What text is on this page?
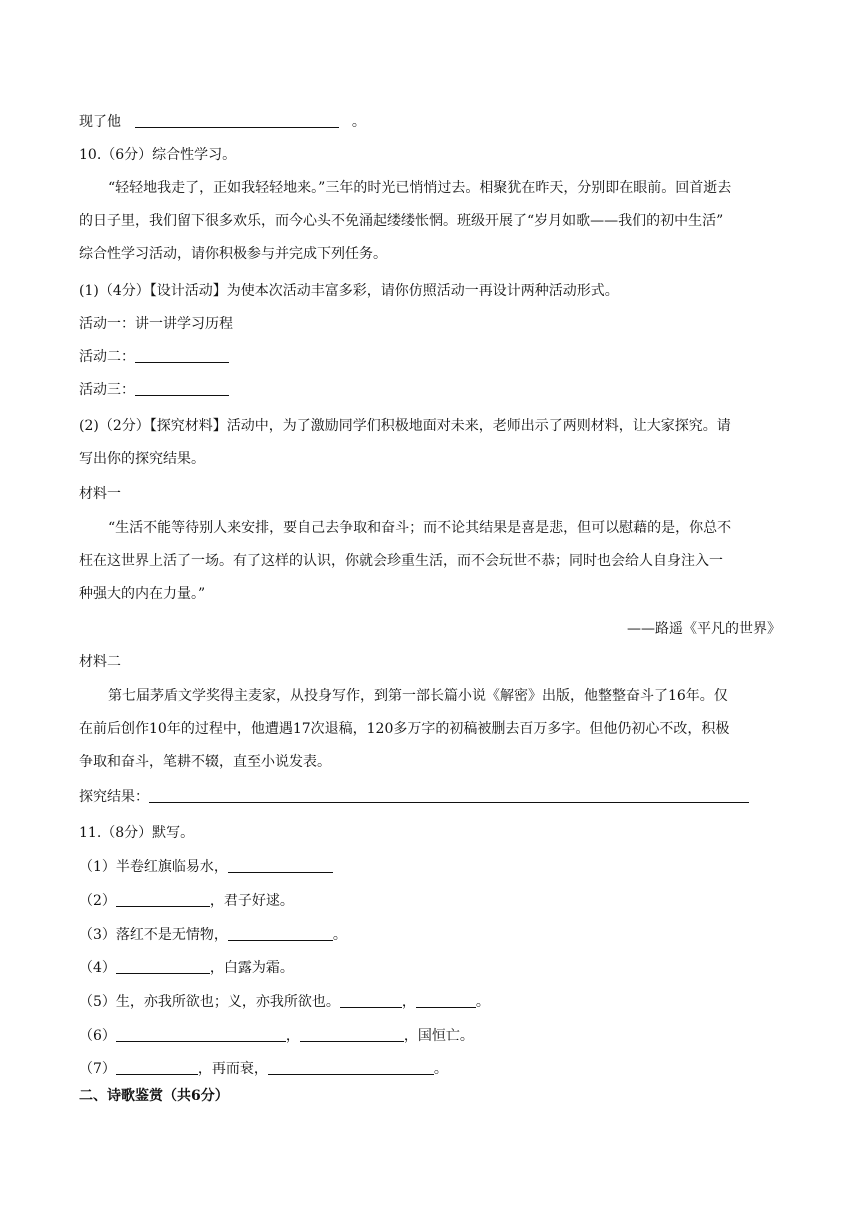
现了他	。
10.（6分）综合性学习。
“轻轻地我走了，正如我轻轻地来。”三年的时光已悄悄过去。相聚犹在昨天，分别即在眼前。回首逝去
的日子里，我们留下很多欢乐，而今心头不免涌起缕缕怅惘。班级开展了“岁月如歌——我们的初中生活”
综合性学习活动，请你积极参与并完成下列任务。
(1)（4分）【设计活动】为使本次活动丰富多彩，请你仿照活动一再设计两种活动形式。
活动一：讲一讲学习历程
活动二：
活动三：
(2)（2分）【探究材料】活动中，为了激励同学们积极地面对未来，老师出示了两则材料，让大家探究。请
写出你的探究结果。
材料一
“生活不能等待别人来安排，要自己去争取和奋斗；而不论其结果是喜是悲，但可以慰藉的是，你总不
枉在这世界上活了一场。有了这样的认识，你就会珍重生活，而不会玩世不恭；同时也会给人自身注入一
种强大的内在力量。”
——路遥《平凡的世界》
材料二
第七届茅盾文学奖得主麦家，从投身写作，到第一部长篇小说《解密》出版，他整整奋斗了16年。仅
在前后创作10年的过程中，他遭遇17次退稿，120多万字的初稿被删去百万多字。但他仍初心不改，积极
争取和奋斗，笔耕不辍，直至小说发表。
探究结果：
11.（8分）默写。
（1）半卷红旗临易水，
（2）	，君子好逑。
（3）落红不是无情物，	。
（4）	，白露为霜。
（5）生，亦我所欲也；义，亦我所欲也。	，	。
（6）	，	，国恒亡。
（7）	，再而衰，	。
二、诗歌鉴赏（共6分）
